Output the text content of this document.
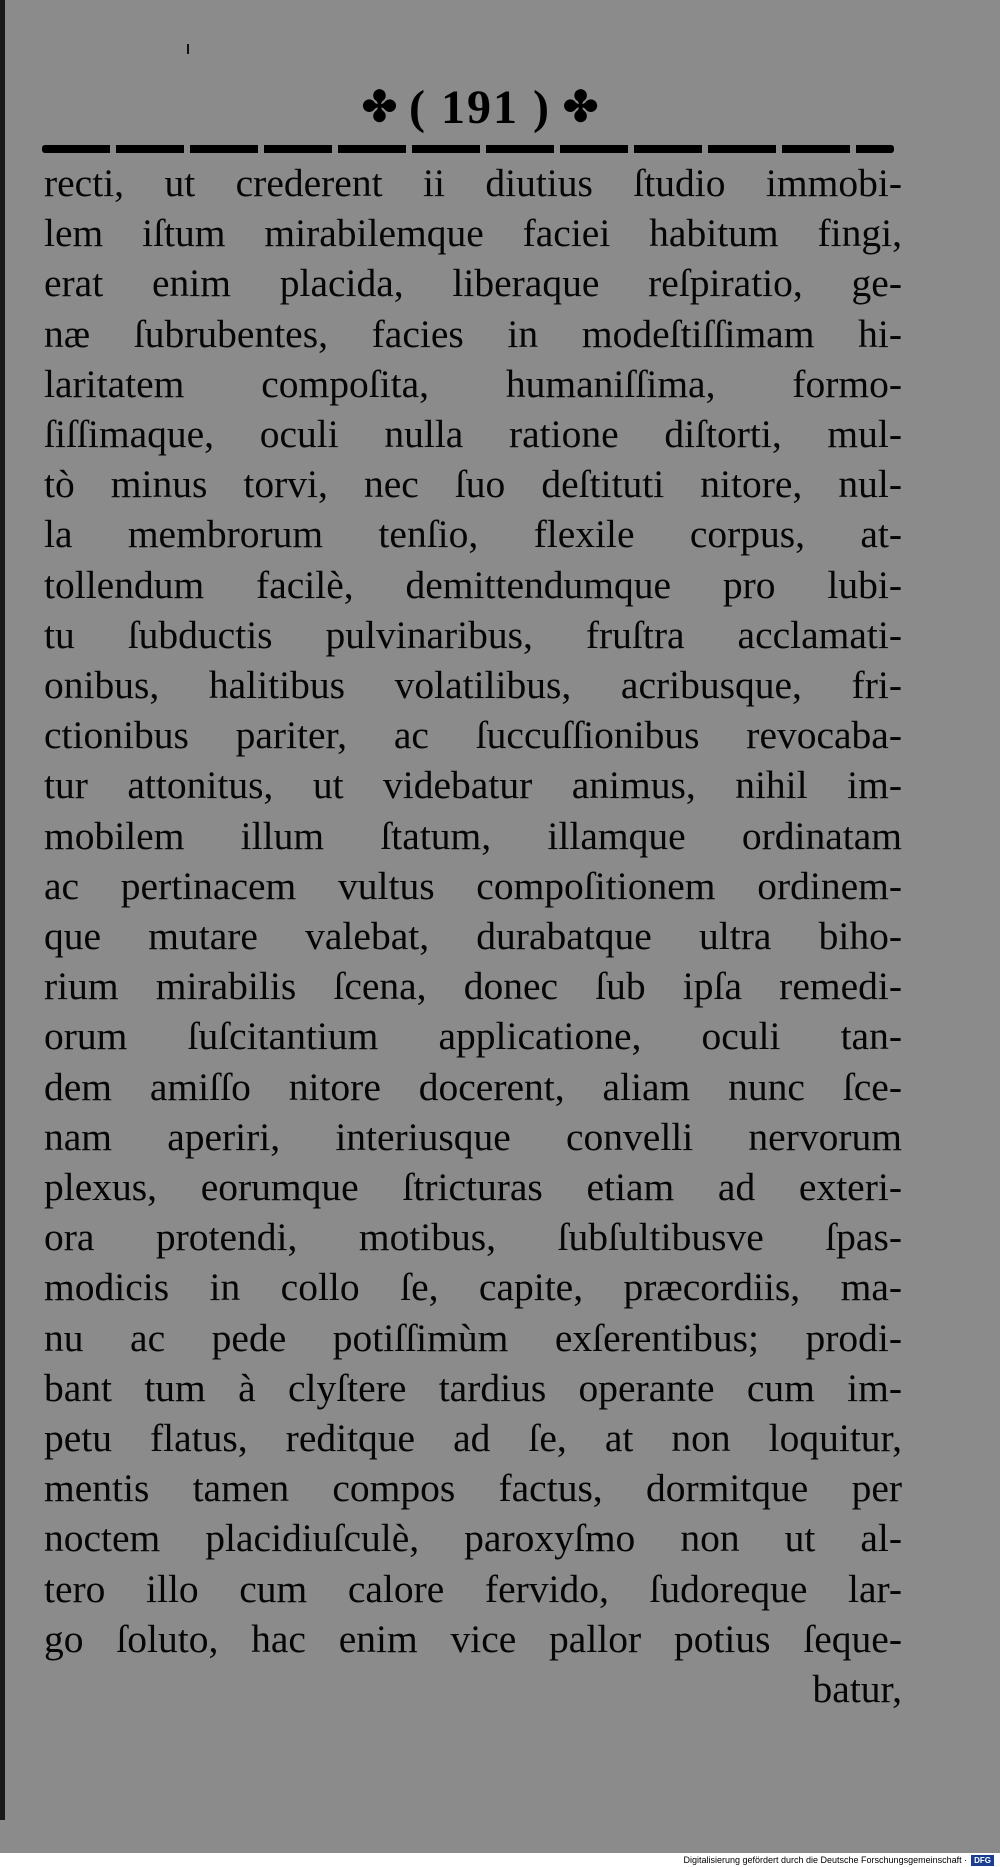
✤ ( 191 ) ✤
recti, ut crederent ii diutius ſtudio immobi-
lem iſtum mirabilemque faciei habitum fingi,
erat enim placida, liberaque reſpiratio, ge-
næ ſubrubentes, facies in modeſtiſſimam hi-
laritatem compoſita, humaniſſima, formo-
ſiſſimaque, oculi nulla ratione diſtorti, mul-
tò minus torvi, nec ſuo deſtituti nitore, nul-
la membrorum tenſio, flexile corpus, at-
tollendum facilè, demittendumque pro lubi-
tu ſubductis pulvinaribus, fruſtra acclamati-
onibus, halitibus volatilibus, acribusque, fri-
ctionibus pariter, ac ſuccuſſionibus revocaba-
tur attonitus, ut videbatur animus, nihil im-
mobilem illum ſtatum, illamque ordinatam
ac pertinacem vultus compoſitionem ordinem-
que mutare valebat, durabatque ultra biho-
rium mirabilis ſcena, donec ſub ipſa remedi-
orum ſuſcitantium applicatione, oculi tan-
dem amiſſo nitore docerent, aliam nunc ſce-
nam aperiri, interiusque convelli nervorum
plexus, eorumque ſtricturas etiam ad exteri-
ora protendi, motibus, ſubſultibusve ſpas-
modicis in collo ſe, capite, præcordiis, ma-
nu ac pede potiſſimùm exſerentibus; prodi-
bant tum à clyſtere tardius operante cum im-
petu flatus, reditque ad ſe, at non loquitur,
mentis tamen compos factus, dormitque per
noctem placidiuſculè, paroxyſmo non ut al-
tero illo cum calore fervido, ſudoreque lar-
go ſoluto, hac enim vice pallor potius ſeque-
batur,
Digitalisierung gefördert durch die Deutsche Forschungsgemeinschaft · DFG
